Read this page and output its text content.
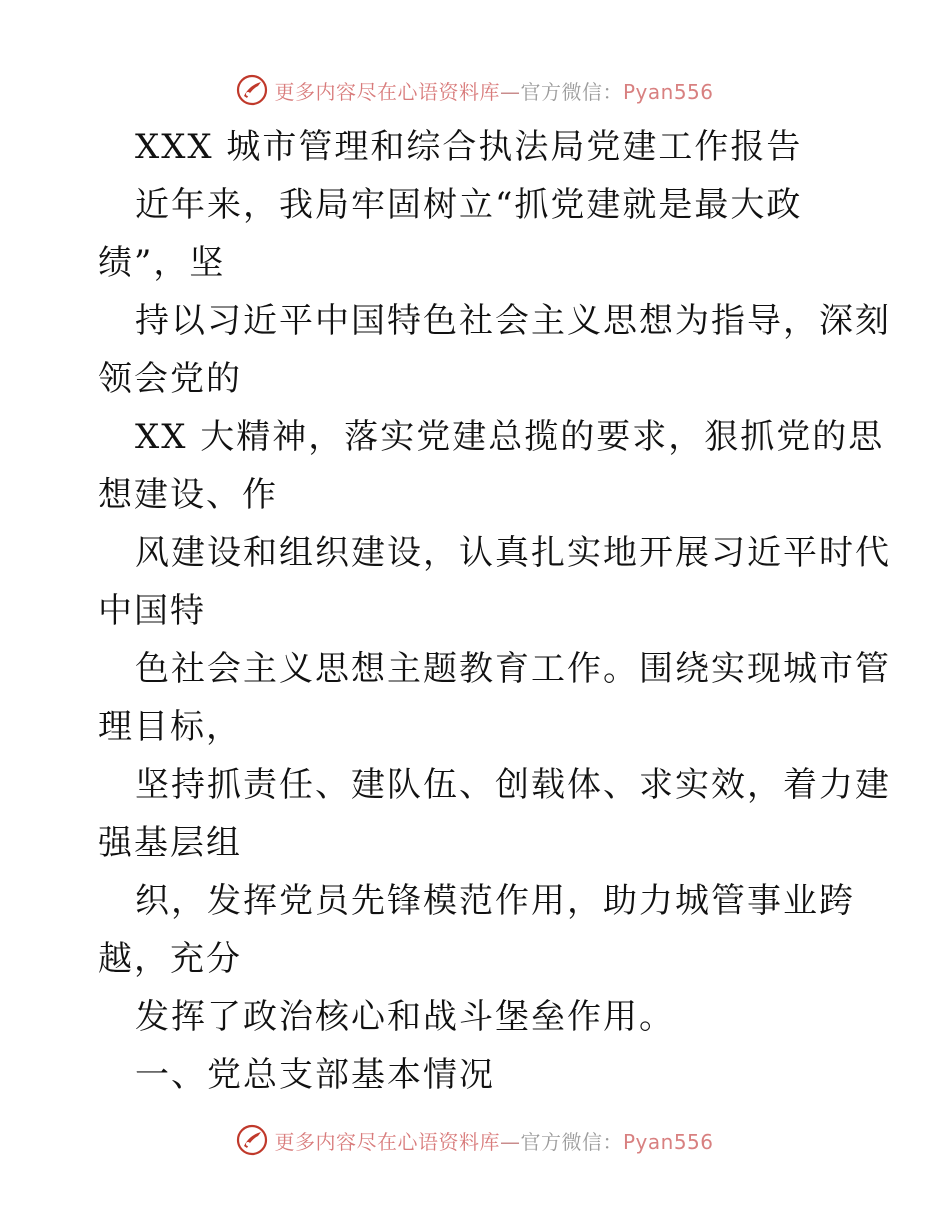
更多内容尽在心语资料库—官方微信：Pyan556
XXX 城市管理和综合执法局党建工作报告
近年来，我局牢固树立“抓党建就是最大政
绩”，坚
持以习近平中国特色社会主义思想为指导，深刻
领会党的
XX 大精神，落实党建总揽的要求，狠抓党的思
想建设、作
风建设和组织建设，认真扎实地开展习近平时代
中国特
色社会主义思想主题教育工作。围绕实现城市管
理目标，
坚持抓责任、建队伍、创载体、求实效，着力建
强基层组
织，发挥党员先锋模范作用，助力城管事业跨
越，充分
发挥了政治核心和战斗堡垒作用。
一、党总支部基本情况
更多内容尽在心语资料库—官方微信：Pyan556
